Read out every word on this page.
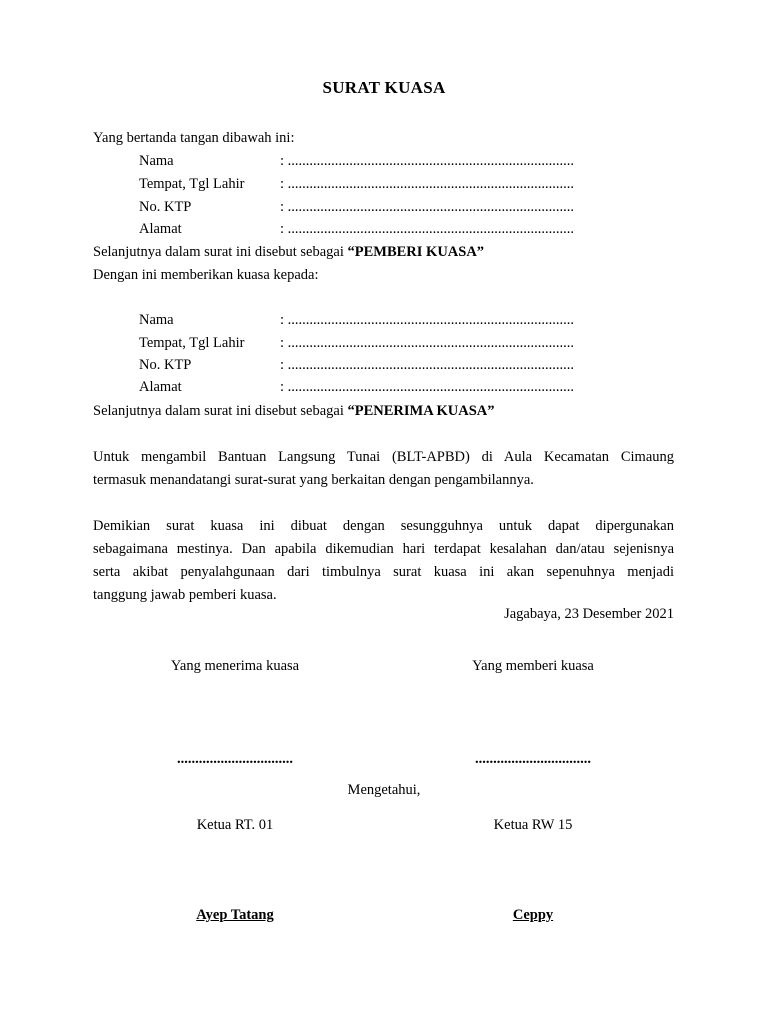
SURAT KUASA
Yang bertanda tangan dibawah ini:
Nama	: ...............................................................................
Tempat, Tgl Lahir : ...............................................................................
No. KTP	: ...............................................................................
Alamat	: ...............................................................................
Selanjutnya dalam surat ini disebut sebagai “PEMBERI KUASA”
Dengan ini memberikan kuasa kepada:
Nama	: ...............................................................................
Tempat, Tgl Lahir : ...............................................................................
No. KTP	: ...............................................................................
Alamat	: ...............................................................................
Selanjutnya dalam surat ini disebut sebagai “PENERIMA KUASA”
Untuk mengambil Bantuan Langsung Tunai (BLT-APBD) di Aula Kecamatan Cimaung
termasuk menandatangi surat-surat yang berkaitan dengan pengambilannya.
Demikian surat kuasa ini dibuat dengan sesungguhnya untuk dapat dipergunakan
sebagaimana mestinya. Dan apabila dikemudian hari terdapat kesalahan dan/atau sejenisnya
serta akibat penyalahgunaan dari timbulnya surat kuasa ini akan sepenuhnya menjadi
tanggung jawab pemberi kuasa.
Jagabaya, 23 Desember 2021
Yang menerima kuasa	Yang memberi kuasa
................................	................................
Mengetahui,
Ketua RT. 01	Ketua RW 15
Ayep Tatang	Ceppy
